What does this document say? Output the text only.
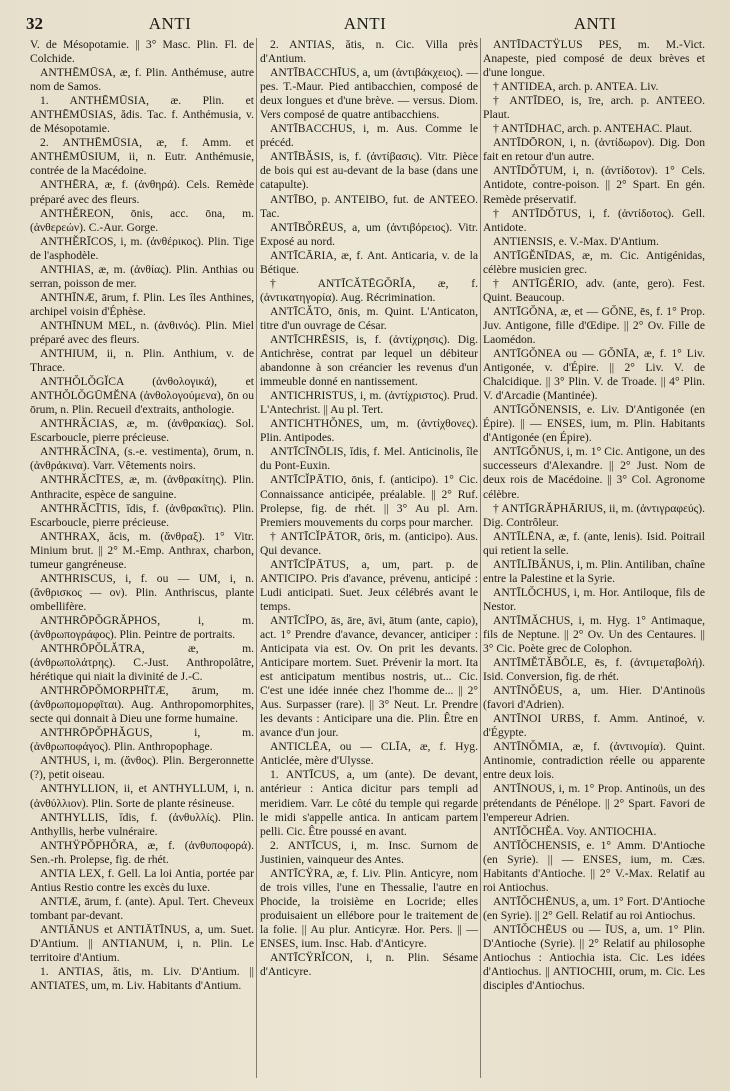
32	ANTI	ANTI	ANTI

V. de Mésopotamie. || 3° Masc. Plin. Fl. de Colchide.

ANTHĒMŪSA, æ, f. Plin. Anthémuse, autre nom de Samos.

1. ANTHĒMŪSIA, æ. Plin. et ANTHĒMŪSIAS, ădis. Tac. f. Anthémusia, v. de Mésopotamie.

2. ANTHĒMŪSIA, æ, f. Amm. et ANTHĒMŪSIUM, ii, n. Eutr. Anthémusie, contrée de la Macédoine.

ANTHĒRA, æ, f. (ἀνθηρά). Cels. Remède préparé avec des fleurs.

ANTHĔREON, ōnis, acc. ōna, m. (ἀνθερεών). C.-Aur. Gorge.

ANTHĔRĪCOS, i, m. (ἀνθέρικος). Plin. Tige de l'asphodèle.

ANTHIAS, æ, m. (ἀνθίας). Plin. Anthias ou serran, poisson de mer.

ANTHĪNÆ, ārum, f. Plin. Les îles Anthines, archipel voisin d'Éphèse.

ANTHĪNUM MEL, n. (ἀνθινός). Plin. Miel préparé avec des fleurs.

ANTHIUM, ii, n. Plin. Anthium, v. de Thrace.

ANTHŎLŎGĬCA (ἀνθολογικά), et ANTHŎLŎGŪMĔNA (ἀνθολογούμενα), ōn ou ōrum, n. Plin. Recueil d'extraits, anthologie.

ANTHRĂCIAS, æ, m. (ἀνθρακίας). Sol. Escarboucle, pierre précieuse.

ANTHRĂCĪNA, (s.-e. vestimenta), ōrum, n. (ἀνθράκινα). Varr. Vêtements noirs.

ANTHRĂCĪTES, æ, m. (ἀνθρακίτης). Plin. Anthracite, espèce de sanguine.

ANTHRĂCĪTIS, ĭdis, f. (ἀνθρακῖτις). Plin. Escarboucle, pierre précieuse.

ANTHRAX, ăcis, m. (ἄνθραξ). 1° Vitr. Minium brut. || 2° M.-Emp. Anthrax, charbon, tumeur gangréneuse.

ANTHRISCUS, i, f. ou — UM, i, n. (ἄνθρισκος — ον). Plin. Anthriscus, plante ombellifère.

ANTHRŌPŎGRĂPHOS, i, m. (ἀνθρωπογράφος). Plin. Peintre de portraits.

ANTHRŌPŎLĂTRA, æ, m. (ἀνθρωπολάτρης). C.-Just. Anthropolâtre, hérétique qui niait la divinité de J.-C.

ANTHRŌPŎMORPHĪTÆ, ārum, m. (ἀνθρωπομορφῖται). Aug. Anthropomorphites, secte qui donnait à Dieu une forme humaine.

ANTHRŌPŎPHĂGUS, i, m. (ἀνθρωποφάγος). Plin. Anthropophage.

ANTHUS, i, m. (ἄνθος). Plin. Bergeronnette (?), petit oiseau.

ANTHYLLION, ii, et ANTHYLLUM, i, n. (ἀνθύλλιον). Plin. Sorte de plante résineuse.

ANTHYLLIS, ĭdis, f. (ἀνθυλλίς). Plin. Anthyllis, herbe vulnéraire.

ANTHŸPŎPHŎRA, æ, f. (ἀνθυποφορά). Sen.-rh. Prolepse, fig. de rhét.

ANTIA LEX, f. Gell. La loi Antia, portée par Antius Restio contre les excès du luxe.

ANTIÆ, ārum, f. (ante). Apul. Tert. Cheveux tombant par-devant.

ANTIĀNUS et ANTIĀTĪNUS, a, um. Suet. D'Antium. || ANTIANUM, i, n. Plin. Le territoire d'Antium.

1. ANTIAS, ătis, m. Liv. D'Antium. || ANTIATES, um, m. Liv. Habitants d'Antium.

2. ANTIAS, ătis, n. Cic. Villa près d'Antium.

ANTĪBACCHĪUS, a, um (ἀντιβάκχειος). — pes. T.-Maur. Pied antibacchien, composé de deux longues et d'une brève. — versus. Diom. Vers composé de quatre antibacchiens.

ANTĪBACCHUS, i, m. Aus. Comme le précéd.

ANTĪBĂSIS, is, f. (ἀντίβασις). Vitr. Pièce de bois qui est au-devant de la base (dans une catapulte).

ANTĪBO, p. ANTEIBO, fut. de ANTEEO. Tac.

ANTĪBŎRĒUS, a, um (ἀντιβόρειος). Vitr. Exposé au nord.

ANTĪCĀRIA, æ, f. Ant. Anticaria, v. de la Bétique.

† ANTĪCĂTĒGŎRĬA, æ, f. (ἀντικατηγορία). Aug. Récrimination.

ANTĪCĂTO, ōnis, m. Quint. L'Anticaton, titre d'un ouvrage de César.

ANTĪCHRĒSIS, is, f. (ἀντίχρησις). Dig. Antichrèse, contrat par lequel un débiteur abandonne à son créancier les revenus d'un immeuble donné en nantissement.

ANTICHRISTUS, i, m. (ἀντίχριστος). Prud. L'Antechrist. || Au pl. Tert.

ANTICHTHŎNES, um, m. (ἀντίχθονες). Plin. Antipodes.

ANTĪCĪNŌLIS, ĭdis, f. Mel. Anticinolis, île du Pont-Euxin.

ANTĪCĬPĀTIO, ōnis, f. (anticipo). 1° Cic. Connaissance anticipée, préalable. || 2° Ruf. Prolepse, fig. de rhét. || 3° Au pl. Arn. Premiers mouvements du corps pour marcher.

† ANTĪCĬPĀTOR, ōris, m. (anticipo). Aus. Qui devance.

ANTĪCĬPĀTUS, a, um, part. p. de ANTICIPO. Pris d'avance, prévenu, anticipé : Ludi anticipati. Suet. Jeux célébrés avant le temps.

ANTĪCĬPO, ās, āre, āvi, ātum (ante, capio), act. 1° Prendre d'avance, devancer, anticiper : Anticipata via est. Ov. On prit les devants. Anticipare mortem. Suet. Prévenir la mort. Ita est anticipatum mentibus nostris, ut... Cic. C'est une idée innée chez l'homme de... || 2° Aus. Surpasser (rare). || 3° Neut. Lr. Prendre les devants : Anticipare una die. Plin. Être en avance d'un jour.

ANTICLĒA, ou — CLĪA, æ, f. Hyg. Anticlée, mère d'Ulysse.

1. ANTĪCUS, a, um (ante). De devant, antérieur : Antica dicitur pars templi ad meridiem. Varr. Le côté du temple qui regarde le midi s'appelle antica. In anticam partem pelli. Cic. Être poussé en avant.

2. ANTĪCUS, i, m. Insc. Surnom de Justinien, vainqueur des Antes.

ANTĪCŸRA, æ, f. Liv. Plin. Anticyre, nom de trois villes, l'une en Thessalie, l'autre en Phocide, la troisième en Locride; elles produisaient un ellébore pour le traitement de la folie. || Au plur. Anticyræ. Hor. Pers. || — ENSES, ium. Insc. Hab. d'Anticyre.

ANTĪCŸRĬCON, i, n. Plin. Sésame d'Anticyre.

ANTĪDACTŸLUS PES, m. M.-Vict. Anapeste, pied composé de deux brèves et d'une longue.

† ANTIDEA, arch. p. ANTEA. Liv.

† ANTĪDEO, is, īre, arch. p. ANTEEO. Plaut.

† ANTĪDHAC, arch. p. ANTEHAC. Plaut.

ANTĪDŌRON, i, n. (ἀντίδωρον). Dig. Don fait en retour d'un autre.

ANTĪDŎTUM, i, n. (ἀντίδοτον). 1° Cels. Antidote, contre-poison. || 2° Spart. En gén. Remède préservatif.

† ANTĪDŎTUS, i, f. (ἀντίδοτος). Gell. Antidote.

ANTIENSIS, e. V.-Max. D'Antium.

ANTĪGĔNĪDAS, æ, m. Cic. Antigénidas, célèbre musicien grec.

† ANTĪGĔRIO, adv. (ante, gero). Fest. Quint. Beaucoup.

ANTĪGŎNA, æ, et — GŎNE, ēs, f. 1° Prop. Juv. Antigone, fille d'Œdipe. || 2° Ov. Fille de Laomédon.

ANTĪGŎNEA ou — GŎNĪA, æ, f. 1° Liv. Antigonée, v. d'Épire. || 2° Liv. V. de Chalcidique. || 3° Plin. V. de Troade. || 4° Plin. V. d'Arcadie (Mantinée).

ANTĪGŎNENSIS, e. Liv. D'Antigonée (en Épire). || — ENSES, ium, m. Plin. Habitants d'Antigonée (en Épire).

ANTĪGŎNUS, i, m. 1° Cic. Antigone, un des successeurs d'Alexandre. || 2° Just. Nom de deux rois de Macédoine. || 3° Col. Agronome célèbre.

† ANTĪGRĂPHĀRIUS, ii, m. (ἀντιγραφεύς). Dig. Contrôleur.

ANTĪLĒNA, æ, f. (ante, lenis). Isid. Poitrail qui retient la selle.

ANTĪLĪBĂNUS, i, m. Plin. Antiliban, chaîne entre la Palestine et la Syrie.

ANTĪLŎCHUS, i, m. Hor. Antiloque, fils de Nestor.

ANTĪMĂCHUS, i, m. Hyg. 1° Antimaque, fils de Neptune. || 2° Ov. Un des Centaures. || 3° Cic. Poète grec de Colophon.

ANTĪMĔTĂBŎLE, ēs, f. (ἀντιμεταβολή). Isid. Conversion, fig. de rhét.

ANTĪNŎĒUS, a, um. Hier. D'Antinoüs (favori d'Adrien).

ANTĪNOI URBS, f. Amm. Antinoé, v. d'Égypte.

ANTĪNŎMIA, æ, f. (ἀντινομία). Quint. Antinomie, contradiction réelle ou apparente entre deux lois.

ANTĪNOUS, i, m. 1° Prop. Antinoüs, un des prétendants de Pénélope. || 2° Spart. Favori de l'empereur Adrien.

ANTĪŎCHĔA. Voy. ANTIOCHIA.

ANTĪŎCHENSIS, e. 1° Amm. D'Antioche (en Syrie). || — ENSES, ium, m. Cæs. Habitants d'Antioche. || 2° V.-Max. Relatif au roi Antiochus.

ANTĪŎCHĒNUS, a, um. 1° Fort. D'Antioche (en Syrie). || 2° Gell. Relatif au roi Antiochus.

ANTĪŎCHĒUS ou — ĪUS, a, um. 1° Plin. D'Antioche (Syrie). || 2° Relatif au philosophe Antiochus : Antiochia ista. Cic. Les idées d'Antiochus. || ANTIOCHII, orum, m. Cic. Les disciples d'Antiochus.
